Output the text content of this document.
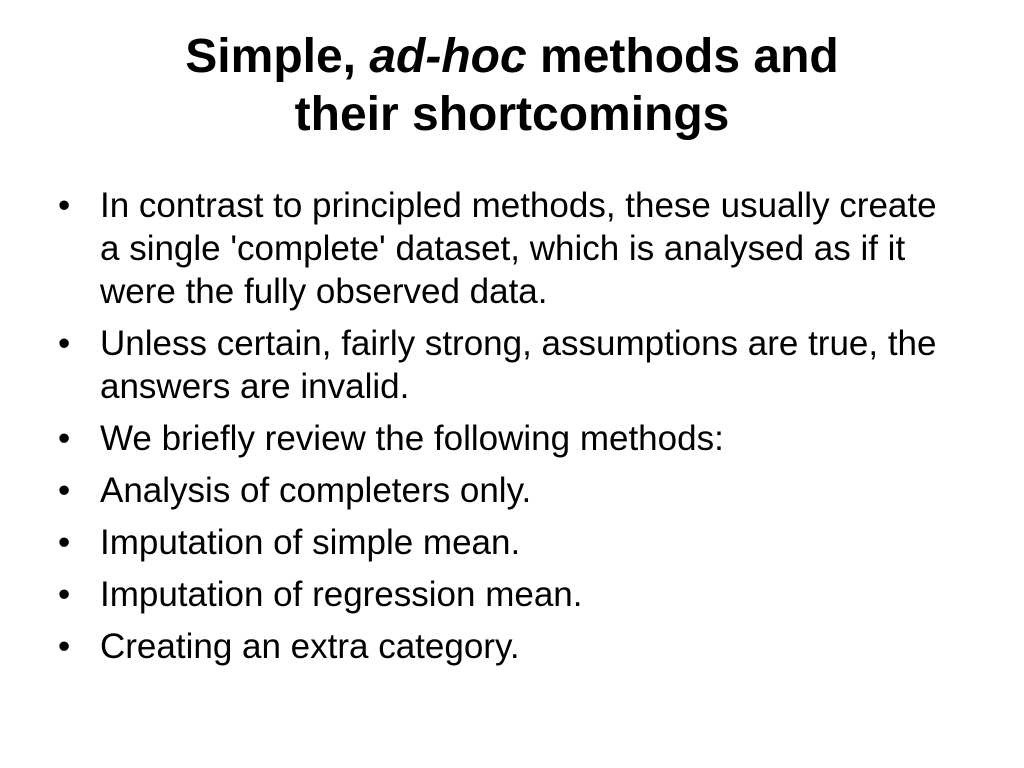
Simple, ad-hoc methods and
their shortcomings
• In contrast to principled methods, these usually create a single 'complete' dataset, which is analysed as if it were the fully observed data.
• Unless certain, fairly strong, assumptions are true, the answers are invalid.
• We briefly review the following methods:
• Analysis of completers only.
• Imputation of simple mean.
• Imputation of regression mean.
• Creating an extra category.
